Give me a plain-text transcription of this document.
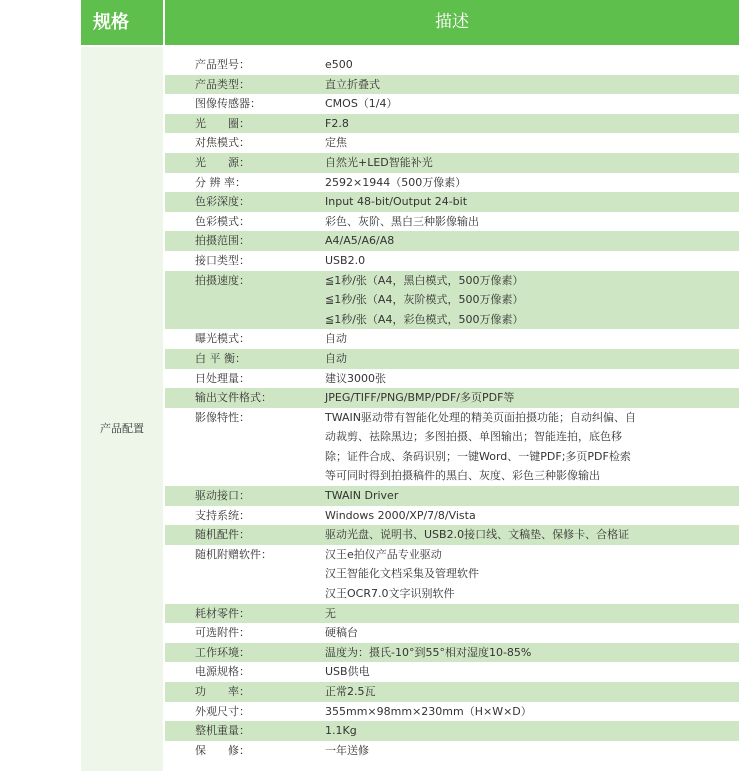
规格	描述
产品配置
产品型号：	e500
产品类型：	直立折叠式
图像传感器：	CMOS（1/4）
光　　圈：	F2.8
对焦模式：	定焦
光　　源：	自然光+LED智能补光
分 辨 率：	2592×1944（500万像素）
色彩深度：	Input 48-bit/Output 24-bit
色彩模式：	彩色、灰阶、黑白三种影像输出
拍摄范围：	A4/A5/A6/A8
接口类型：	USB2.0
拍摄速度：	≦1秒/张（A4，黑白模式，500万像素）
≦1秒/张（A4，灰阶模式，500万像素）
≦1秒/张（A4，彩色模式，500万像素）
曝光模式：	自动
白 平 衡：	自动
日处理量：	建议3000张
输出文件格式：	JPEG/TIFF/PNG/BMP/PDF/多页PDF等
影像特性：	TWAIN驱动带有智能化处理的精美页面拍摄功能；自动纠偏、自
动裁剪、祛除黑边；多图拍摄、单图输出；智能连拍，底色移
除；证件合成、条码识别；一键Word、一键PDF;多页PDF检索
等可同时得到拍摄稿件的黑白、灰度、彩色三种影像输出
驱动接口：	TWAIN Driver
支持系统：	Windows 2000/XP/7/8/Vista
随机配件：	驱动光盘、说明书、USB2.0接口线、文稿垫、保修卡、合格证
随机附赠软件：	汉王e拍仪产品专业驱动
汉王智能化文档采集及管理软件
汉王OCR7.0文字识别软件
耗材零件：	无
可选附件：	硬稿台
工作环境：	温度为：摄氏-10°到55°相对湿度10-85%
电源规格：	USB供电
功　　率：	正常2.5瓦
外观尺寸：	355mm×98mm×230mm（H×W×D）
整机重量：	1.1Kg
保　　修：	一年送修
